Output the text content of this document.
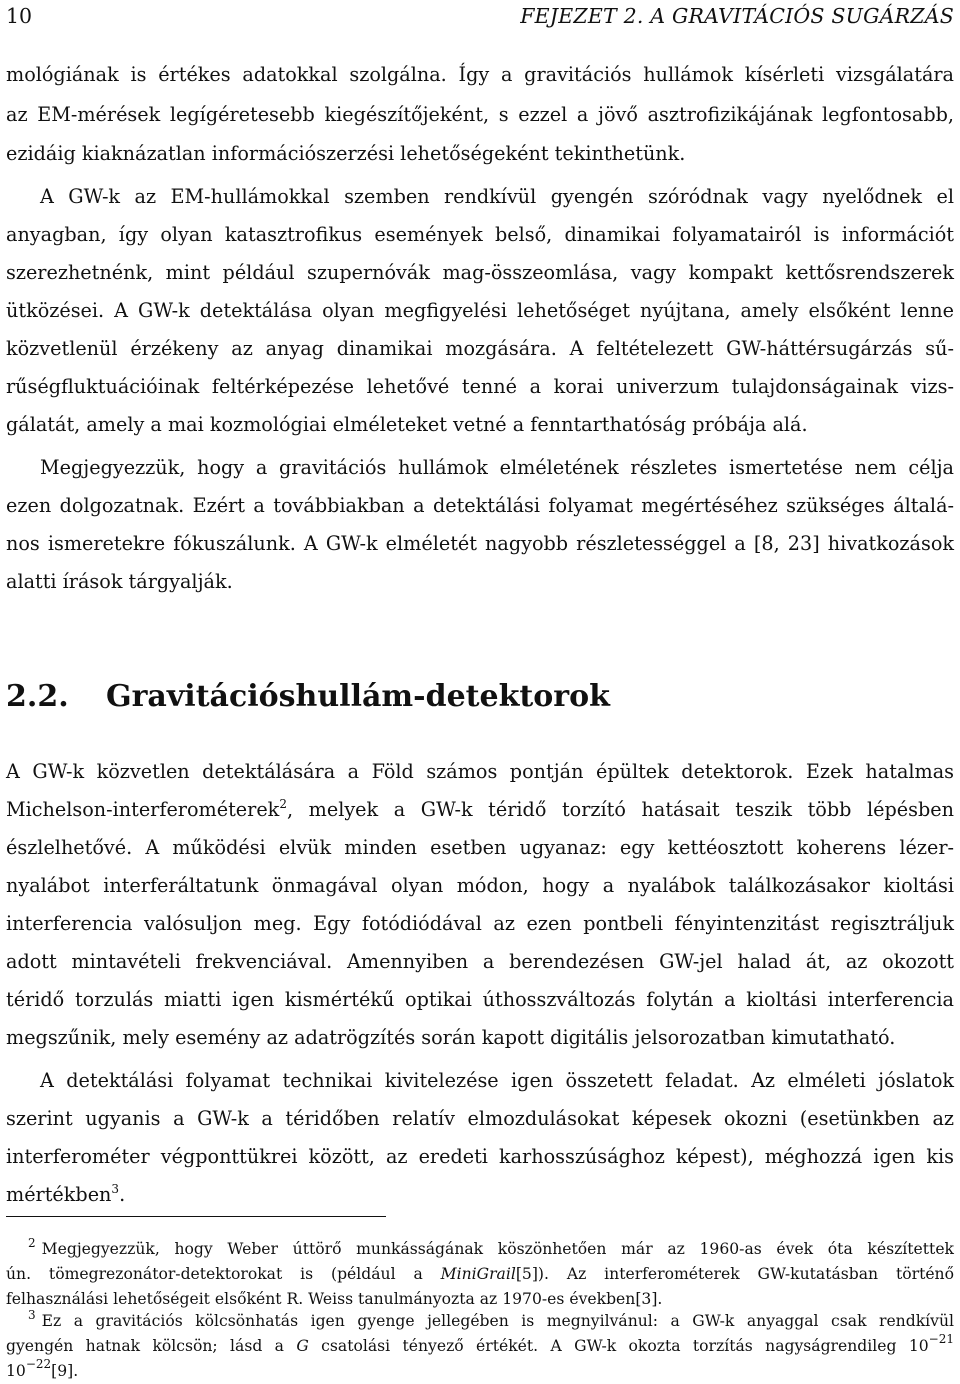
10	FEJEZET 2. A GRAVITÁCIÓS SUGÁRZÁS
mológiának is értékes adatokkal szolgálna. Így a gravitációs hullámok kísérleti vizsgálatára
az EM-mérések legígéretesebb kiegészítőjeként, s ezzel a jövő asztrofizikájának legfontosabb,
ezidáig kiaknázatlan információszerzési lehetőségeként tekinthetünk.
A GW-k az EM-hullámokkal szemben rendkívül gyengén szóródnak vagy nyelődnek el
anyagban, így olyan katasztrofikus események belső, dinamikai folyamatairól is információt
szerezhetnénk, mint például szupernóvák mag-összeomlása, vagy kompakt kettősrendszerek
ütközései. A GW-k detektálása olyan megfigyelési lehetőséget nyújtana, amely elsőként lenne
közvetlenül érzékeny az anyag dinamikai mozgására. A feltételezett GW-háttérsugárzás sű-
rűségfluktuációinak feltérképezése lehetővé tenné a korai univerzum tulajdonságainak vizs-
gálatát, amely a mai kozmológiai elméleteket vetné a fenntarthatóság próbája alá.
Megjegyezzük, hogy a gravitációs hullámok elméletének részletes ismertetése nem célja
ezen dolgozatnak. Ezért a továbbiakban a detektálási folyamat megértéséhez szükséges általá-
nos ismeretekre fókuszálunk. A GW-k elméletét nagyobb részletességgel a [8, 23] hivatkozások
alatti írások tárgyalják.
2.2. Gravitációshullám-detektorok
A GW-k közvetlen detektálására a Föld számos pontján épültek detektorok. Ezek hatalmas
Michelson-interferométerek$^2$, melyek a GW-k téridő torzító hatásait teszik több lépésben
észlelhetővé. A működési elvük minden esetben ugyanaz: egy kettéosztott koherens lézer-
nyalábot interferáltatunk önmagával olyan módon, hogy a nyalábok találkozásakor kioltási
interferencia valósuljon meg. Egy fotódiódával az ezen pontbeli fényintenzitást regisztráljuk
adott mintavételi frekvenciával. Amennyiben a berendezésen GW-jel halad át, az okozott
téridő torzulás miatti igen kismértékű optikai úthosszváltozás folytán a kioltási interferencia
megszűnik, mely esemény az adatrögzítés során kapott digitális jelsorozatban kimutatható.
A detektálási folyamat technikai kivitelezése igen összetett feladat. Az elméleti jóslatok
szerint ugyanis a GW-k a téridőben relatív elmozdulásokat képesek okozni (esetünkben az
interferométer végponttükrei között, az eredeti karhosszúsághoz képest), méghozzá igen kis
mértékben$^3$.
2 Megjegyezzük, hogy Weber úttörő munkásságának köszönhetően már az 1960-as évek óta készítettek
ún. tömegrezonátor-detektorokat is (például a MiniGrail[5]). Az interferométerek GW-kutatásban történő
felhasználási lehetőségeit elsőként R. Weiss tanulmányozta az 1970-es években[3].
3 Ez a gravitációs kölcsönhatás igen gyenge jellegében is megnyilvánul: a GW-k anyaggal csak rendkívül
gyengén hatnak kölcsön; lásd a G csatolási tényező értékét. A GW-k okozta torzítás nagyságrendileg $10^{-21}$
$10^{-22}[9]$.
